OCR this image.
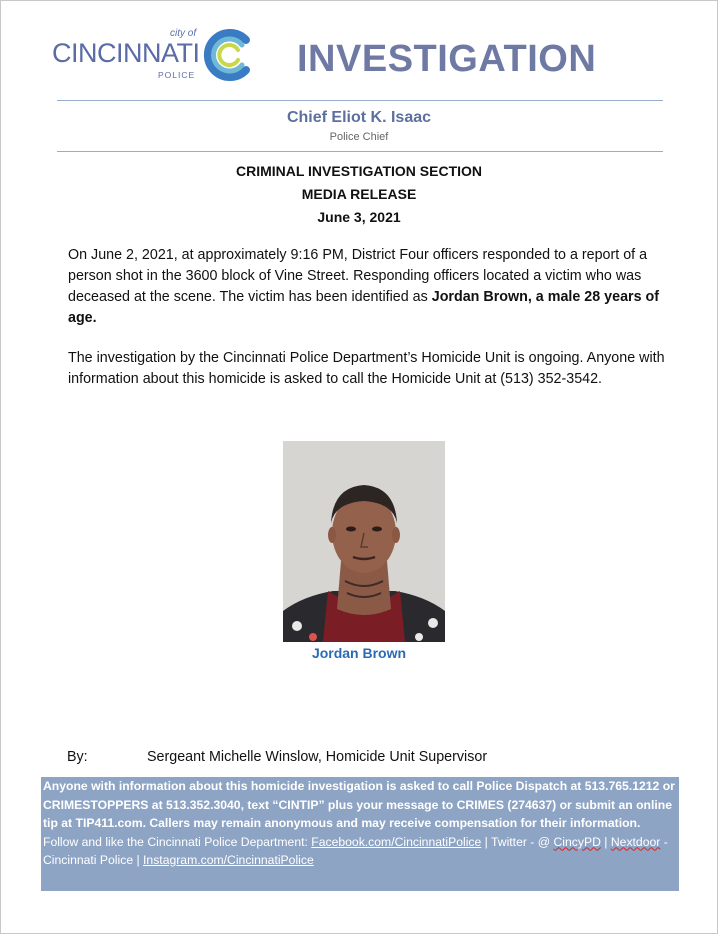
city of
CINCINNATI
POLICE	INVESTIGATION
Chief Eliot K. Isaac
Police Chief
CRIMINAL INVESTIGATION SECTION
MEDIA RELEASE
June 3, 2021
On June 2, 2021, at approximately 9:16 PM, District Four officers responded to a report of a person shot in the 3600 block of Vine Street. Responding officers located a victim who was deceased at the scene. The victim has been identified as Jordan Brown, a male 28 years of age.
The investigation by the Cincinnati Police Department’s Homicide Unit is ongoing. Anyone with information about this homicide is asked to call the Homicide Unit at (513) 352-3542.
Jordan Brown
By:	Sergeant Michelle Winslow, Homicide Unit Supervisor
Anyone with information about this homicide investigation is asked to call Police Dispatch at 513.765.1212 or CRIMESTOPPERS at 513.352.3040, text “CINTIP” plus your message to CRIMES (274637) or submit an online tip at TIP411.com. Callers may remain anonymous and may receive compensation for their information.
Follow and like the Cincinnati Police Department: Facebook.com/CincinnatiPolice | Twitter - @ CincyPD | Nextdoor - Cincinnati Police | Instagram.com/CincinnatiPolice
